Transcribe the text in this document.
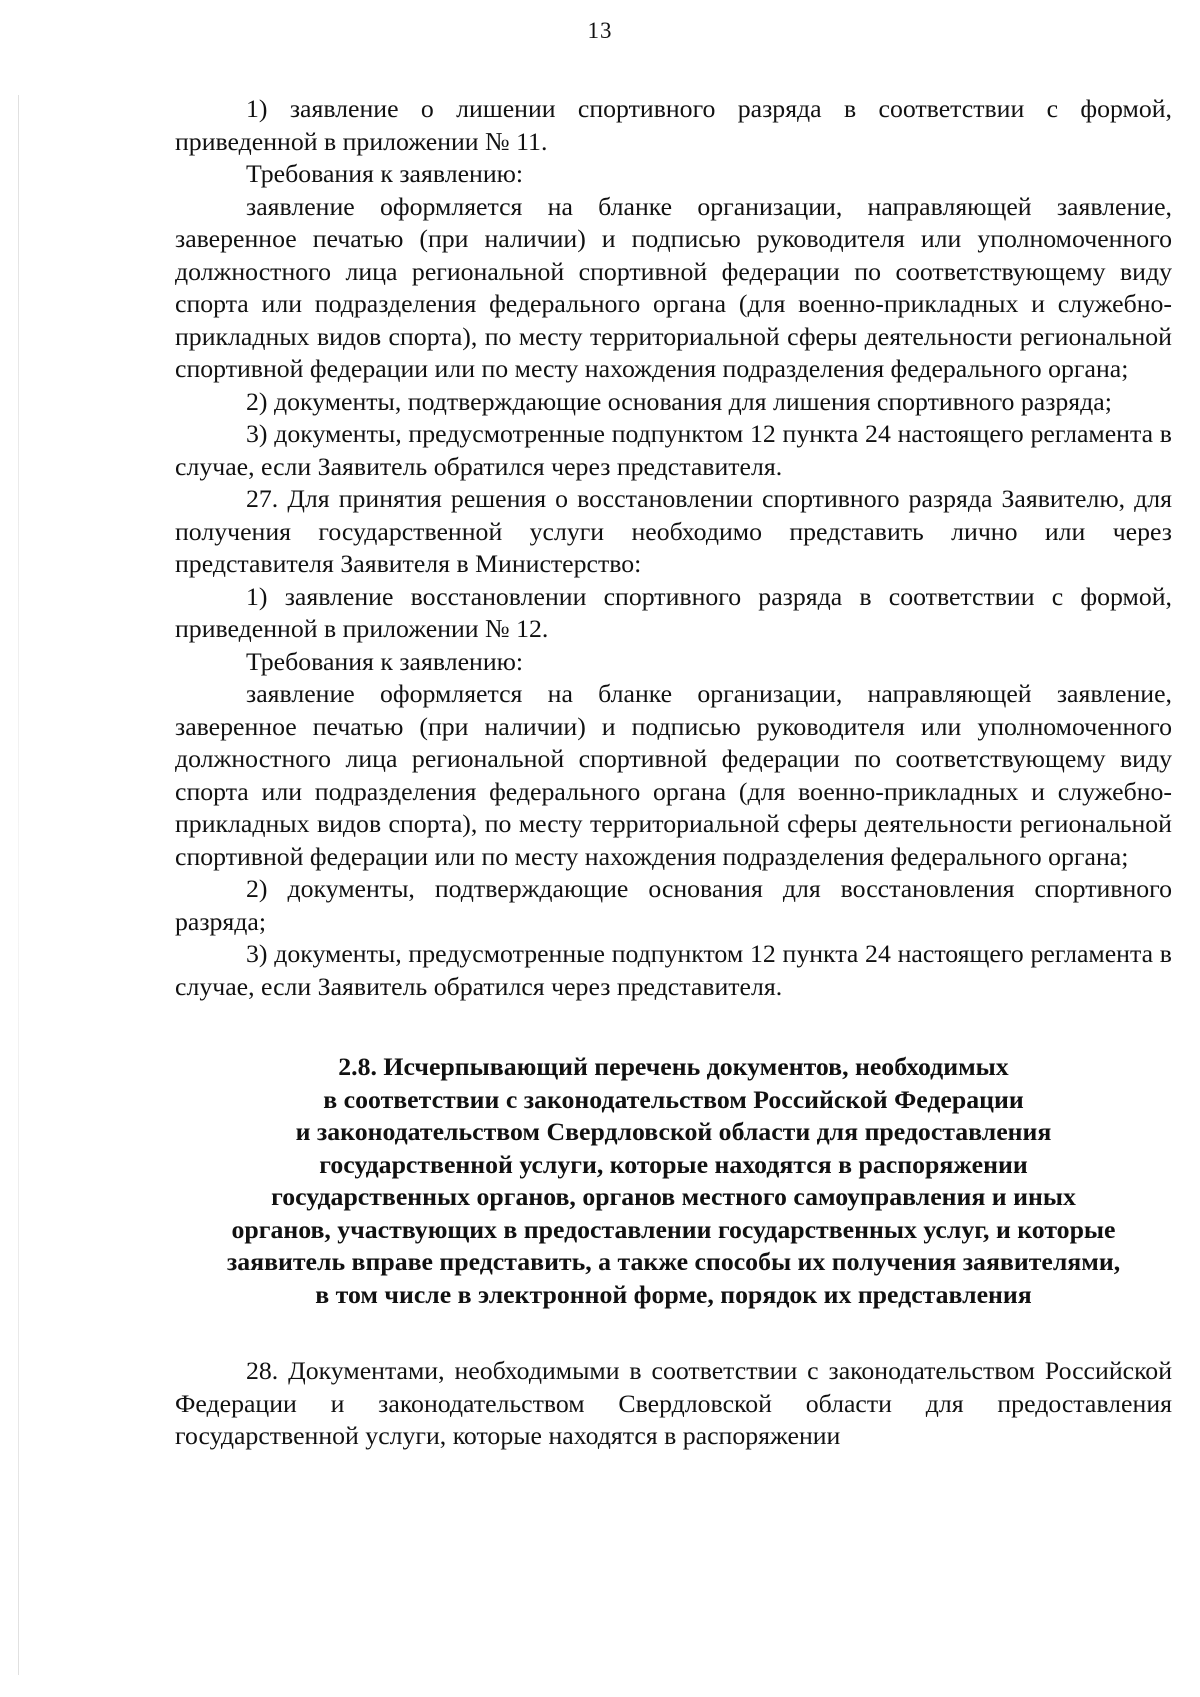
13

1) заявление о лишении спортивного разряда в соответствии с формой, приведенной в приложении № 11.

Требования к заявлению:

заявление оформляется на бланке организации, направляющей заявление, заверенное печатью (при наличии) и подписью руководителя или уполномоченного должностного лица региональной спортивной федерации по соответствующему виду спорта или подразделения федерального органа (для военно-прикладных и служебно-прикладных видов спорта), по месту территориальной сферы деятельности региональной спортивной федерации или по месту нахождения подразделения федерального органа;

2) документы, подтверждающие основания для лишения спортивного разряда;

3) документы, предусмотренные подпунктом 12 пункта 24 настоящего регламента в случае, если Заявитель обратился через представителя.

27. Для принятия решения о восстановлении спортивного разряда Заявителю, для получения государственной услуги необходимо представить лично или через представителя Заявителя в Министерство:

1) заявление восстановлении спортивного разряда в соответствии с формой, приведенной в приложении № 12.

Требования к заявлению:

заявление оформляется на бланке организации, направляющей заявление, заверенное печатью (при наличии) и подписью руководителя или уполномоченного должностного лица региональной спортивной федерации по соответствующему виду спорта или подразделения федерального органа (для военно-прикладных и служебно-прикладных видов спорта), по месту территориальной сферы деятельности региональной спортивной федерации или по месту нахождения подразделения федерального органа;

2) документы, подтверждающие основания для восстановления спортивного разряда;

3) документы, предусмотренные подпунктом 12 пункта 24 настоящего регламента в случае, если Заявитель обратился через представителя.

2.8. Исчерпывающий перечень документов, необходимых
в соответствии с законодательством Российской Федерации
и законодательством Свердловской области для предоставления
государственной услуги, которые находятся в распоряжении
государственных органов, органов местного самоуправления и иных
органов, участвующих в предоставлении государственных услуг, и которые
заявитель вправе представить, а также способы их получения заявителями,
в том числе в электронной форме, порядок их представления

28. Документами, необходимыми в соответствии с законодательством Российской Федерации и законодательством Свердловской области для предоставления государственной услуги, которые находятся в распоряжении
